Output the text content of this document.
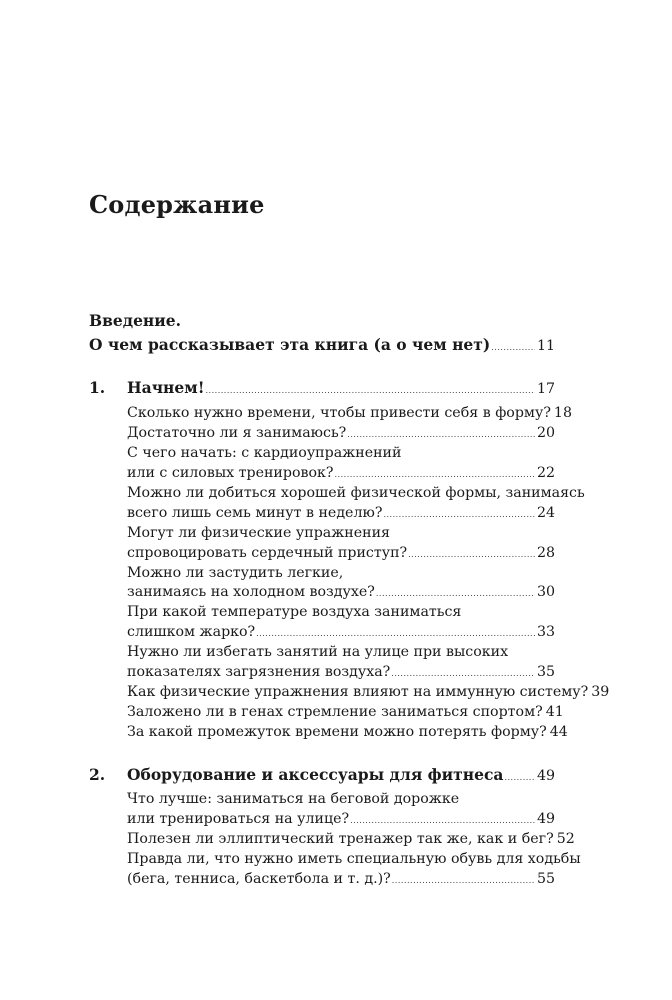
Содержание
Введение.
О чем рассказывает эта книга (а о чем нет) .....	11
1. Начнем! .....	17
Сколько нужно времени, чтобы привести себя в форму? 18
Достаточно ли я занимаюсь? .....	20
С чего начать: с кардиоупражнений
или с силовых тренировок? .....	22
Можно ли добиться хорошей физической формы, занимаясь
всего лишь семь минут в неделю? .....	24
Могут ли физические упражнения
спровоцировать сердечный приступ? .....	28
Можно ли застудить легкие,
занимаясь на холодном воздухе? .....	30
При какой температуре воздуха заниматься
слишком жарко? .....	33
Нужно ли избегать занятий на улице при высоких
показателях загрязнения воздуха? .....	35
Как физические упражнения влияют на иммунную систему? 39
Заложено ли в генах стремление заниматься спортом? 41
За какой промежуток времени можно потерять форму? 44
2. Оборудование и аксессуары для фитнеса ..... 49
Что лучше: заниматься на беговой дорожке
или тренироваться на улице? .....	49
Полезен ли эллиптический тренажер так же, как и бег? 52
Правда ли, что нужно иметь специальную обувь для ходьбы
(бега, тенниса, баскетбола и т. д.)? .....	55
